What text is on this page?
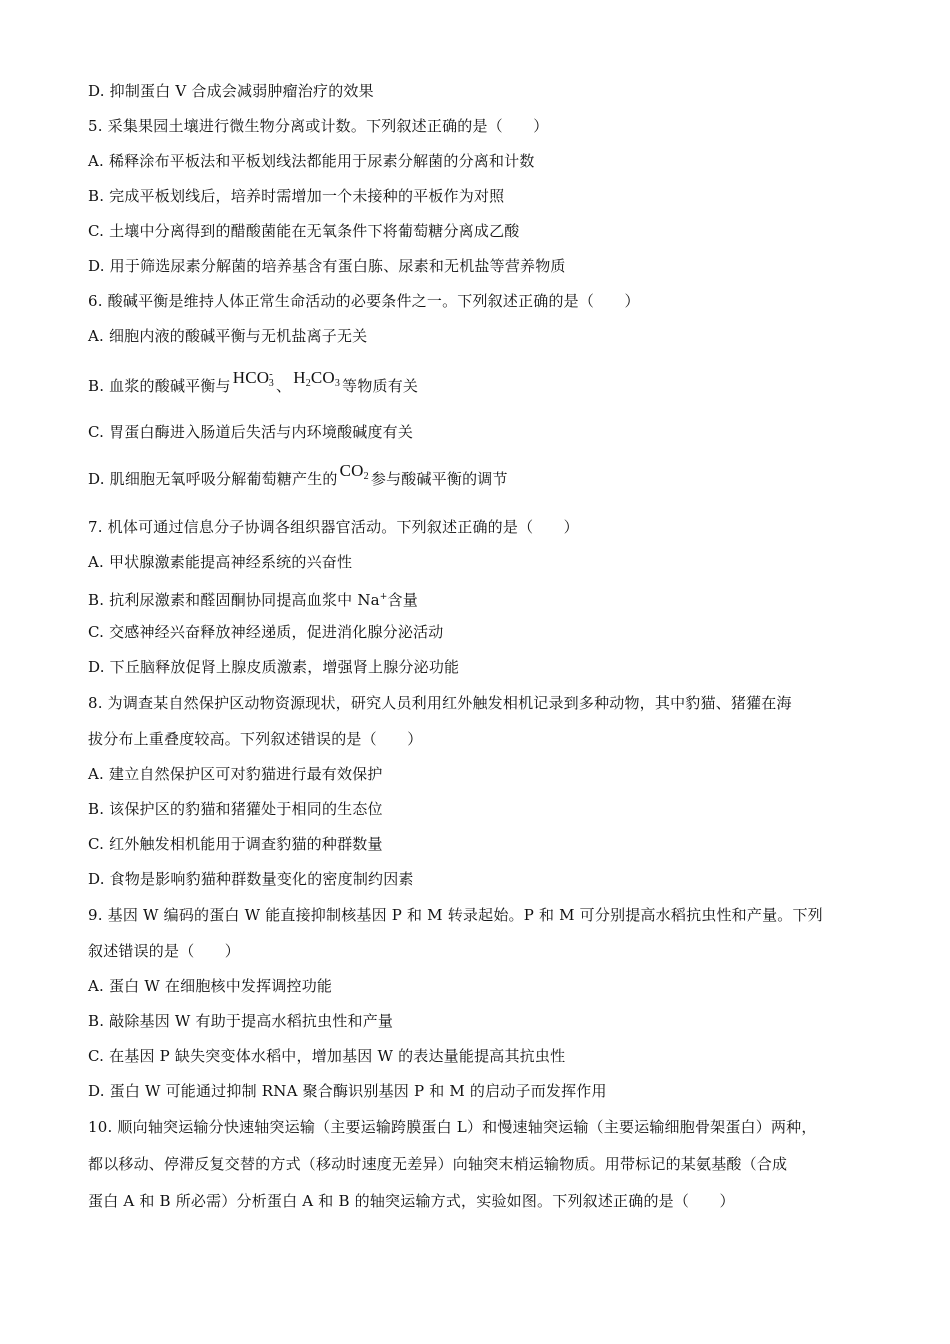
D. 抑制蛋白 V 合成会减弱肿瘤治疗的效果

5. 采集果园土壤进行微生物分离或计数。下列叙述正确的是（　　）

A. 稀释涂布平板法和平板划线法都能用于尿素分解菌的分离和计数

B. 完成平板划线后，培养时需增加一个未接种的平板作为对照

C. 土壤中分离得到的醋酸菌能在无氧条件下将葡萄糖分离成乙酸

D. 用于筛选尿素分解菌的培养基含有蛋白胨、尿素和无机盐等营养物质

6. 酸碱平衡是维持人体正常生命活动的必要条件之一。下列叙述正确的是（　　）

A. 细胞内液的酸碱平衡与无机盐离子无关

B. 血浆的酸碱平衡与 $HCO^-_3$ 、 $H_2CO_3$ 等物质有关

C. 胃蛋白酶进入肠道后失活与内环境酸碱度有关

D. 肌细胞无氧呼吸分解葡萄糖产生的 $CO_2$ 参与酸碱平衡的调节

7. 机体可通过信息分子协调各组织器官活动。下列叙述正确的是（　　）

A. 甲状腺激素能提高神经系统的兴奋性

B. 抗利尿激素和醛固酮协同提高血浆中 Na+含量

C. 交感神经兴奋释放神经递质，促进消化腺分泌活动

D. 下丘脑释放促肾上腺皮质激素，增强肾上腺分泌功能

8. 为调查某自然保护区动物资源现状，研究人员利用红外触发相机记录到多种动物，其中豹猫、猪獾在海

拔分布上重叠度较高。下列叙述错误的是（　　）

A. 建立自然保护区可对豹猫进行最有效保护

B. 该保护区的豹猫和猪獾处于相同的生态位

C. 红外触发相机能用于调查豹猫的种群数量

D. 食物是影响豹猫种群数量变化的密度制约因素

9. 基因 W 编码的蛋白 W 能直接抑制核基因 P 和 M 转录起始。P 和 M 可分别提高水稻抗虫性和产量。下列

叙述错误的是（　　）

A. 蛋白 W 在细胞核中发挥调控功能

B. 敲除基因 W 有助于提高水稻抗虫性和产量

C. 在基因 P 缺失突变体水稻中，增加基因 W 的表达量能提高其抗虫性

D. 蛋白 W 可能通过抑制 RNA 聚合酶识别基因 P 和 M 的启动子而发挥作用

10. 顺向轴突运输分快速轴突运输（主要运输跨膜蛋白 L）和慢速轴突运输（主要运输细胞骨架蛋白）两种，

都以移动、停滞反复交替的方式（移动时速度无差异）向轴突末梢运输物质。用带标记的某氨基酸（合成

蛋白 A 和 B 所必需）分析蛋白 A 和 B 的轴突运输方式，实验如图。下列叙述正确的是（　　）
